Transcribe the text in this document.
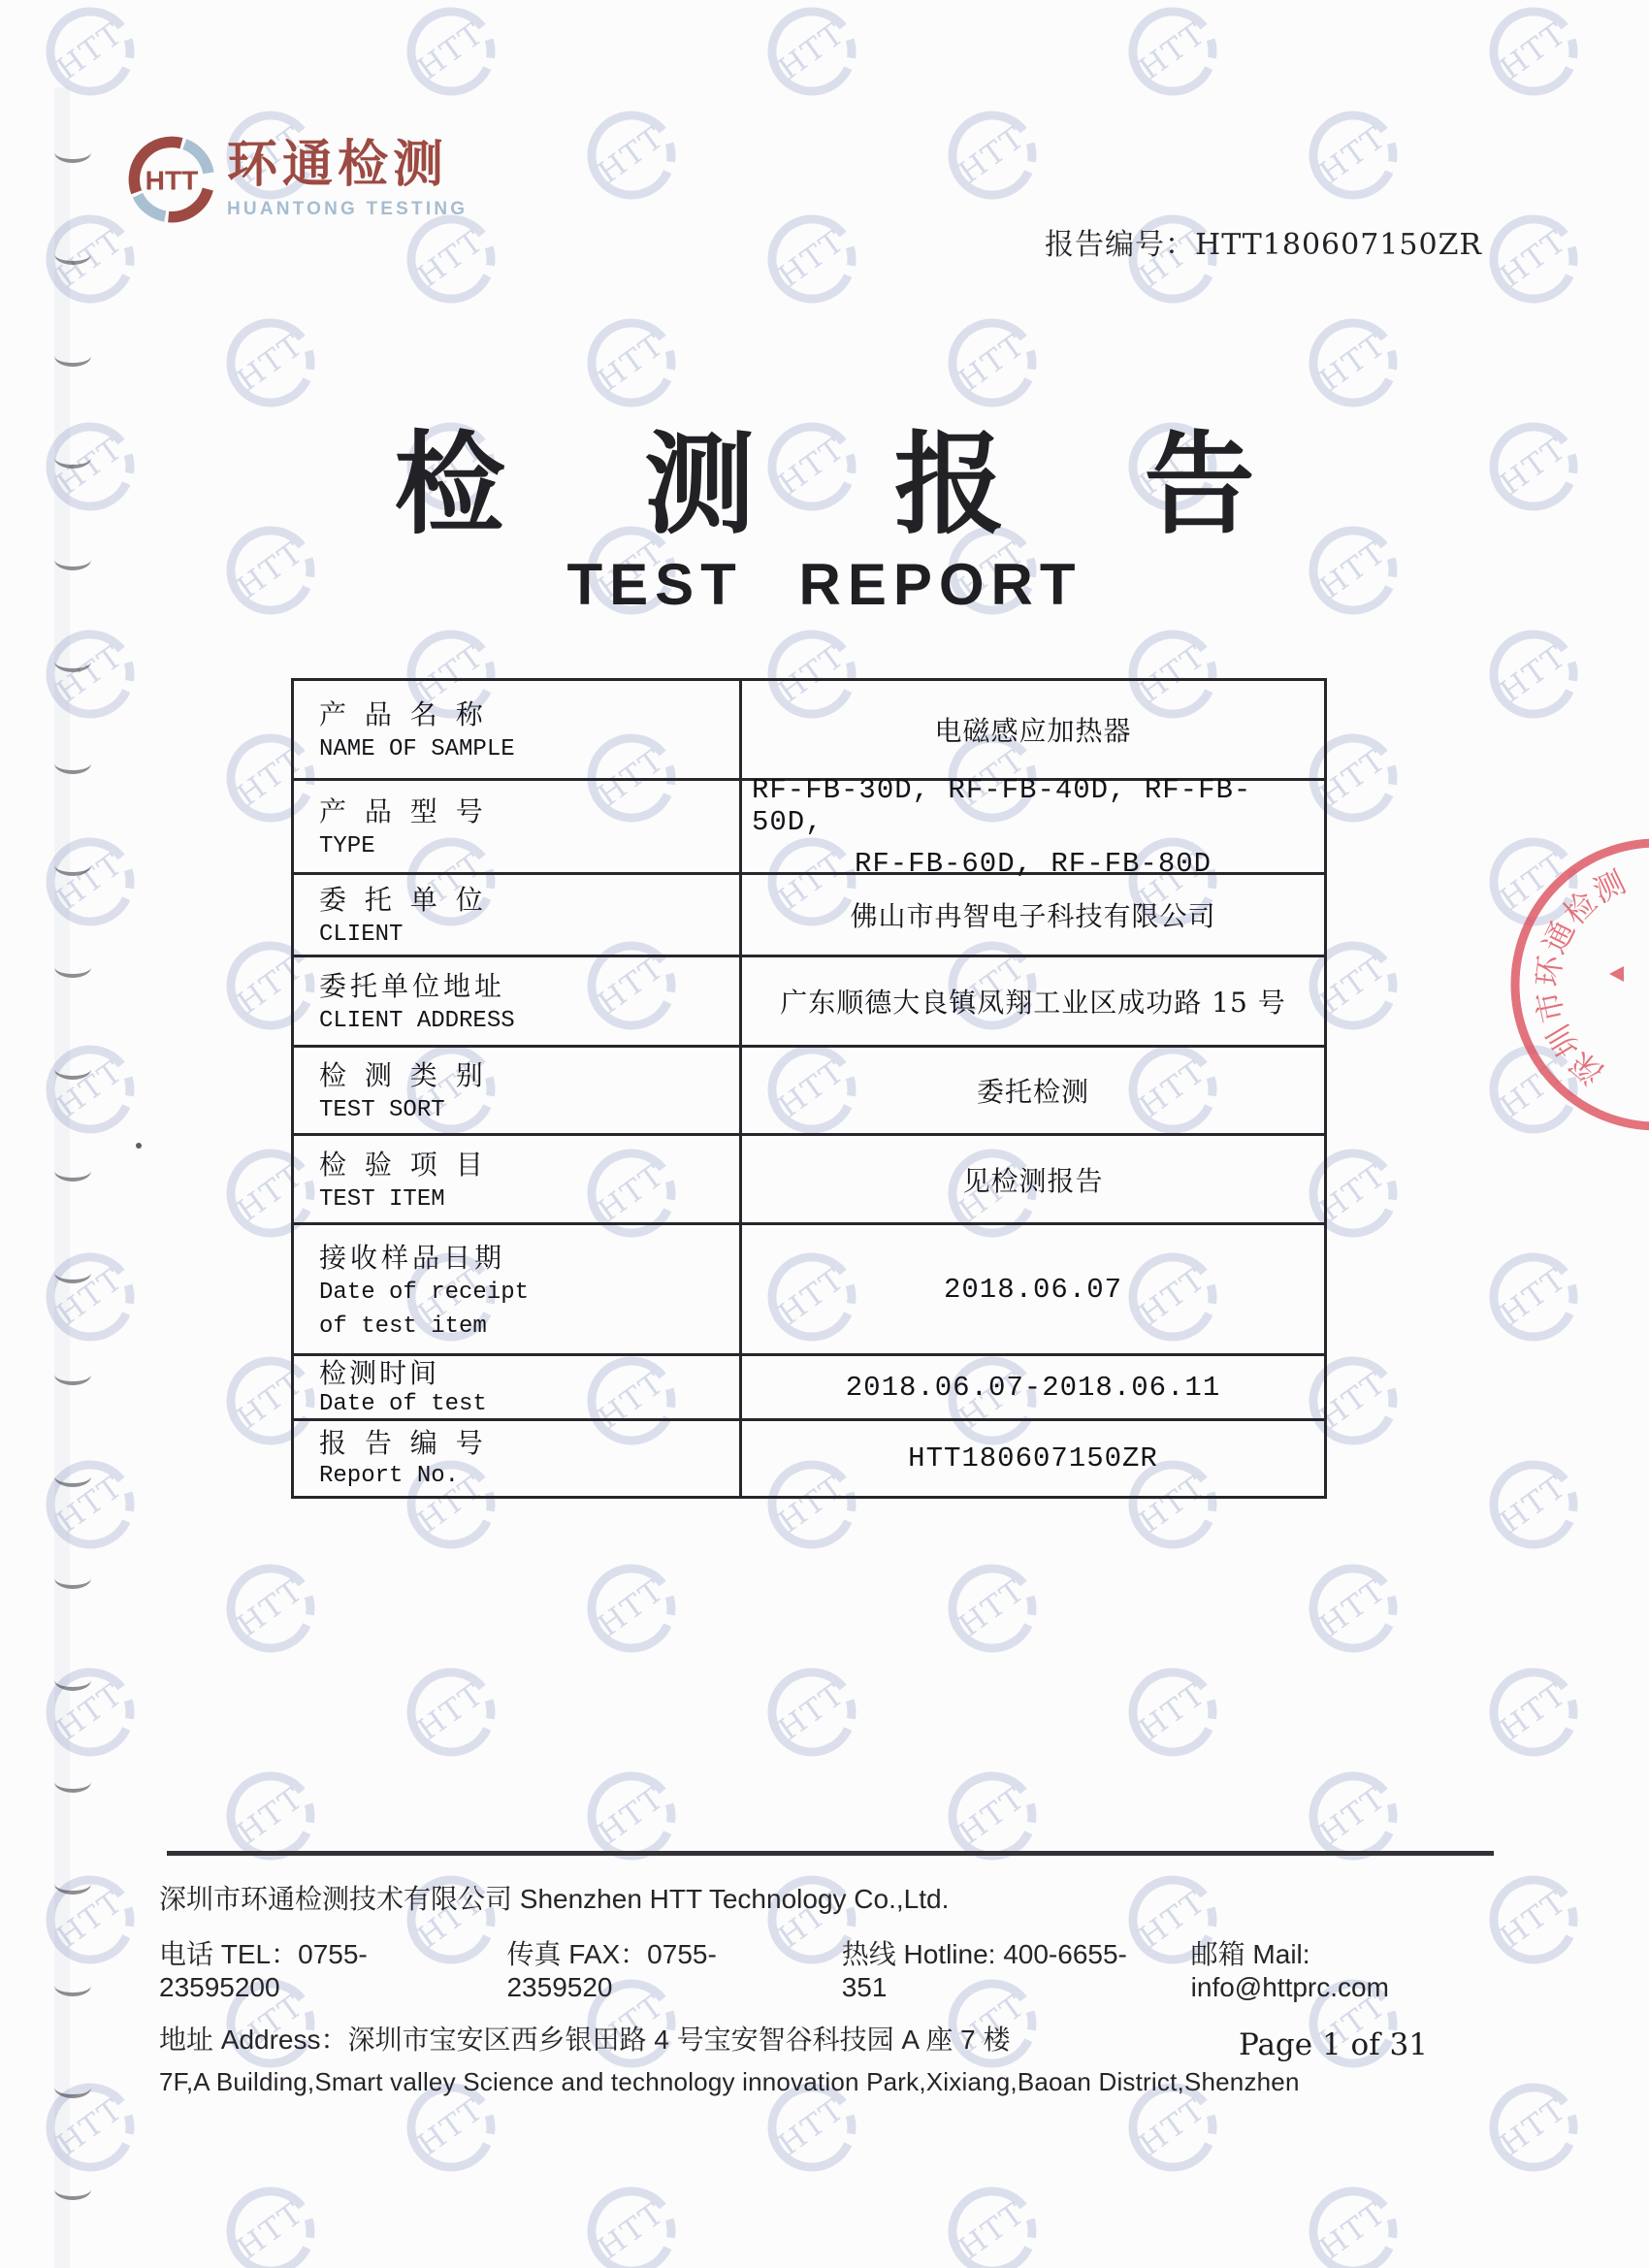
HTT 环通检测
HUANTONG TESTING
报告编号：HTT180607150ZR
检 测 报 告
TEST REPORT
产 品 名 称
NAME OF SAMPLE
电磁感应加热器
产 品 型 号
TYPE
RF-FB-30D, RF-FB-40D, RF-FB-50D,
RF-FB-60D, RF-FB-80D
委 托 单 位
CLIENT
佛山市冉智电子科技有限公司
委托单位地址
CLIENT ADDRESS
广东顺德大良镇凤翔工业区成功路 15 号
检 测 类 别
TEST SORT
委托检测
检 验 项 目
TEST ITEM
见检测报告
接收样品日期
Date of receipt
of test item
2018.06.07
检测时间
Date of test
2018.06.07-2018.06.11
报 告 编 号
Report No.
HTT180607150ZR
深圳市环通检测技术有限公司 Shenzhen HTT Technology Co.,Ltd.
电话 TEL：0755-23595200
传真 FAX：0755-2359520
热线 Hotline: 400-6655-351
邮箱 Mail: info@httprc.com
地址 Address：深圳市宝安区西乡银田路 4 号宝安智谷科技园 A 座 7 楼
7F,A Building,Smart valley Science and technology innovation Park,Xixiang,Baoan District,Shenzhen
Page 1 of 31
深
圳
市
环
通
检
测
